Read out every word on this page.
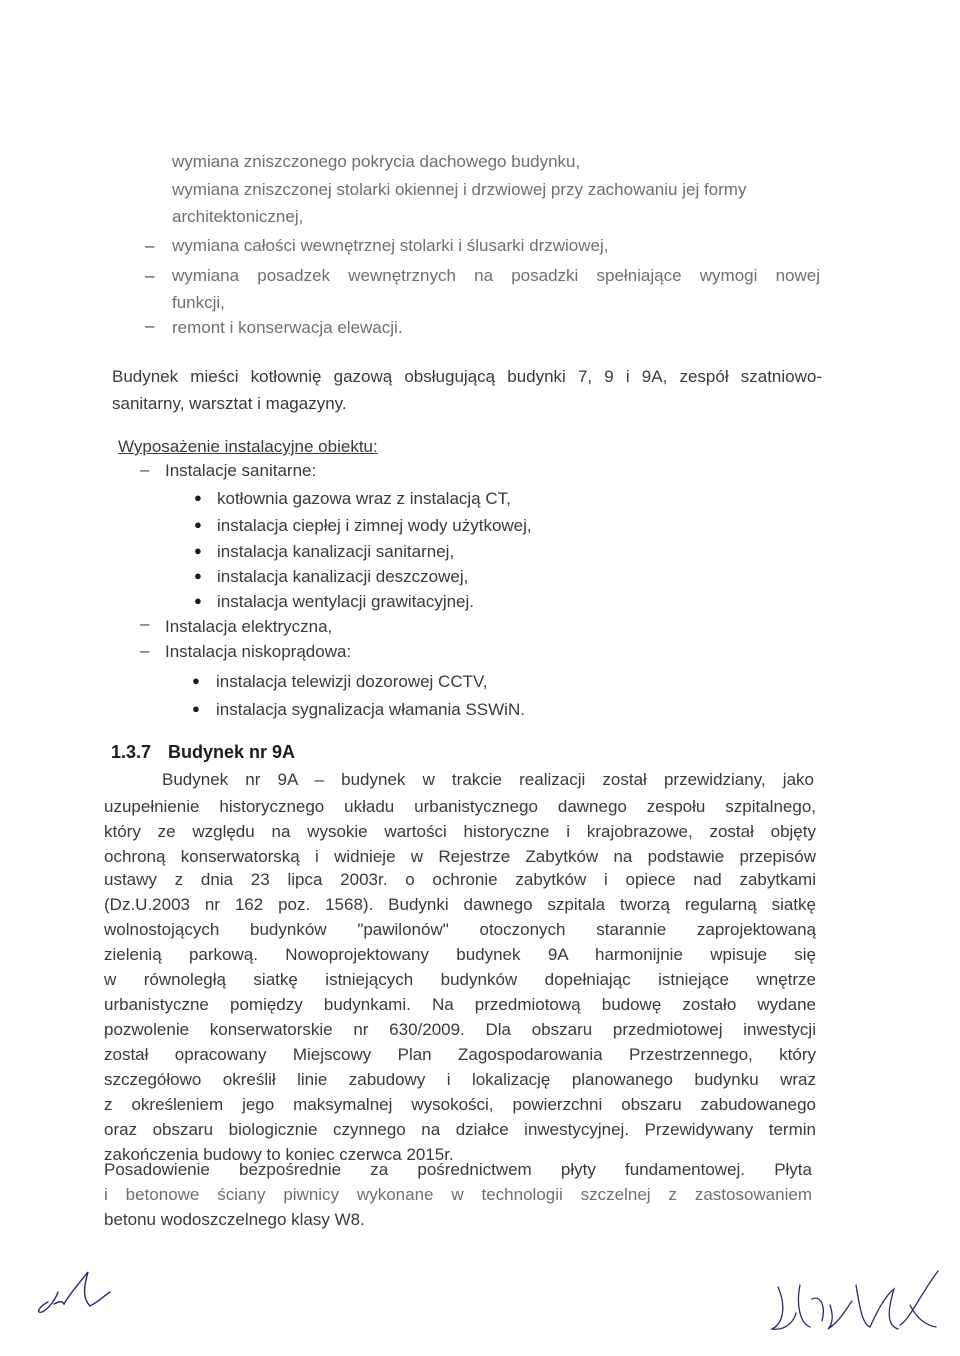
wymiana zniszczonego pokrycia dachowego budynku,
wymiana zniszczonej stolarki okiennej i drzwiowej przy zachowaniu jej formy
architektonicznej,
– wymiana całości wewnętrznej stolarki i ślusarki drzwiowej,
– wymiana posadzek wewnętrznych na posadzki spełniające wymogi nowej
funkcji,
– remont i konserwacja elewacji.
Budynek mieści kotłownię gazową obsługującą budynki 7, 9 i 9A, zespół szatniowo-
sanitarny, warsztat i magazyny.
Wyposażenie instalacyjne obiektu:
– Instalacje sanitarne:
● kotłownia gazowa wraz z instalacją CT,
● instalacja ciepłej i zimnej wody użytkowej,
● instalacja kanalizacji sanitarnej,
● instalacja kanalizacji deszczowej,
● instalacja wentylacji grawitacyjnej.
– Instalacja elektryczna,
– Instalacja niskoprądowa:
● instalacja telewizji dozorowej CCTV,
● instalacja sygnalizacja włamania SSWiN.
1.3.7 Budynek nr 9A
Budynek nr 9A – budynek w trakcie realizacji został przewidziany, jako
uzupełnienie historycznego układu urbanistycznego dawnego zespołu szpitalnego,
który ze względu na wysokie wartości historyczne i krajobrazowe, został objęty
ochroną konserwatorską i widnieje w Rejestrze Zabytków na podstawie przepisów
ustawy z dnia 23 lipca 2003r. o ochronie zabytków i opiece nad zabytkami
(Dz.U.2003 nr 162 poz. 1568). Budynki dawnego szpitala tworzą regularną siatkę
wolnostojących budynków "pawilonów" otoczonych starannie zaprojektowaną
zielenią parkową. Nowoprojektowany budynek 9A harmonijnie wpisuje się
w równoległą siatkę istniejących budynków dopełniając istniejące wnętrze
urbanistyczne pomiędzy budynkami. Na przedmiotową budowę zostało wydane
pozwolenie konserwatorskie nr 630/2009. Dla obszaru przedmiotowej inwestycji
został opracowany Miejscowy Plan Zagospodarowania Przestrzennego, który
szczegółowo określił linie zabudowy i lokalizację planowanego budynku wraz
z określeniem jego maksymalnej wysokości, powierzchni obszaru zabudowanego
oraz obszaru biologicznie czynnego na działce inwestycyjnej. Przewidywany termin
zakończenia budowy to koniec czerwca 2015r.
Posadowienie bezpośrednie za pośrednictwem płyty fundamentowej. Płyta
i betonowe ściany piwnicy wykonane w technologii szczelnej z zastosowaniem
betonu wodoszczelnego klasy W8.
